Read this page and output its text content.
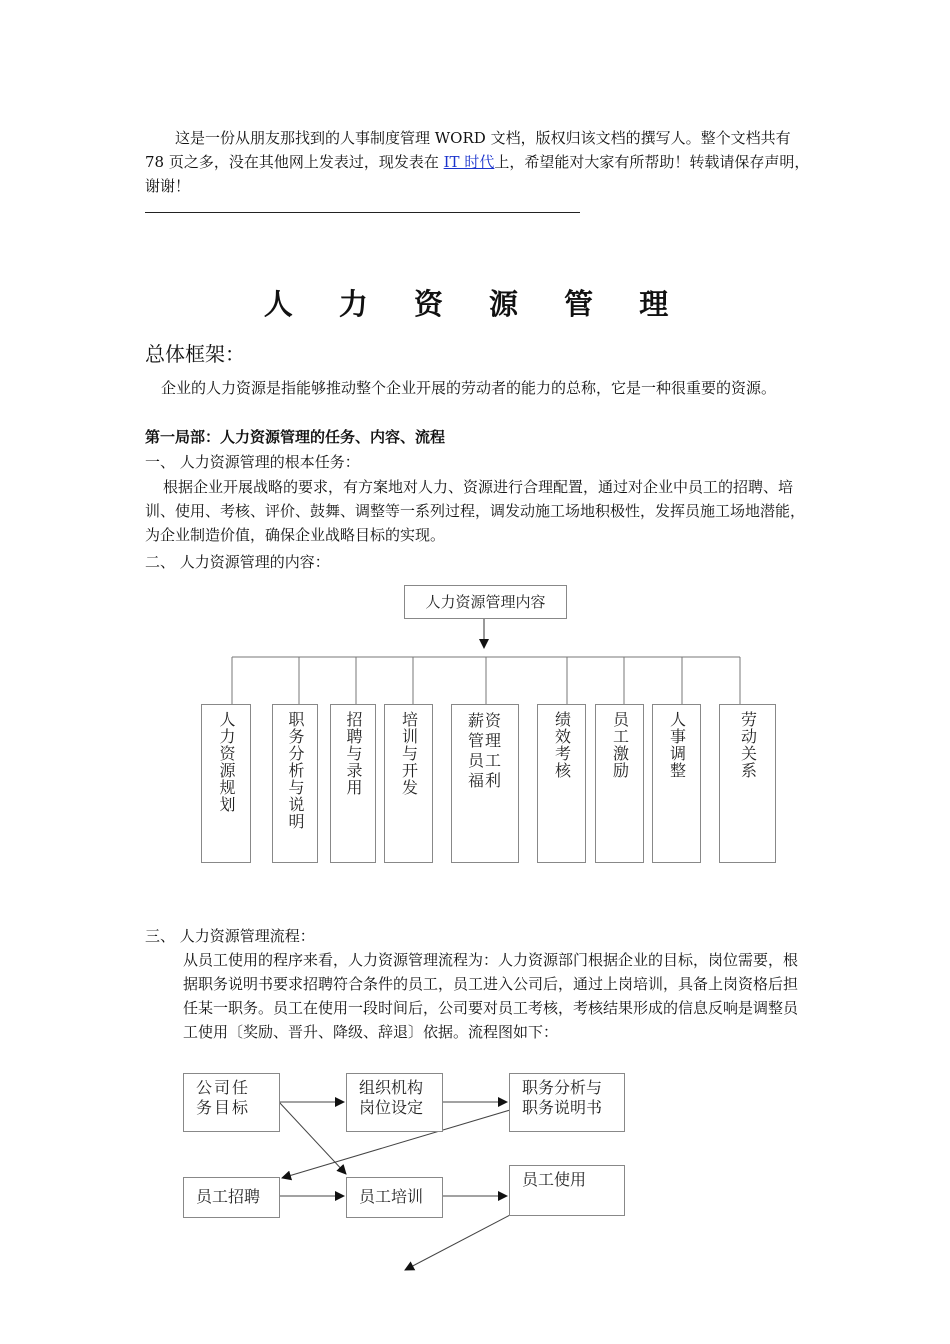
这是一份从朋友那找到的人事制度管理 WORD 文档，版权归该文档的撰写人。整个文档共有 78 页之多，没在其他网上发表过，现发表在 IT 时代上，希望能对大家有所帮助！转载请保存声明，谢谢！
人 力 资 源 管 理
总体框架：
企业的人力资源是指能够推动整个企业开展的劳动者的能力的总称，它是一种很重要的资源。
第一局部：人力资源管理的任务、内容、流程
一、 人力资源管理的根本任务：
根据企业开展战略的要求，有方案地对人力、资源进行合理配置，通过对企业中员工的招聘、培训、使用、考核、评价、鼓舞、调整等一系列过程，调发动施工场地积极性，发挥员施工场地潜能，为企业制造价值，确保企业战略目标的实现。
二、 人力资源管理的内容：
人力资源管理内容
人力资源规划	职务分析与说明 招聘与录用 培训与开发	薪资管理员工福利
绩效考核 员工激励 人事调整	劳动关系
三、 人力资源管理流程：
从员工使用的程序来看，人力资源管理流程为：人力资源部门根据企业的目标，岗位需要，根据职务说明书要求招聘符合条件的员工，员工进入公司后，通过上岗培训，具备上岗资格后担任某一职务。员工在使用一段时间后，公司要对员工考核，考核结果形成的信息反响是调整员工使用〔奖励、晋升、降级、辞退〕依据。流程图如下：
公司任务目标
组织机构岗位设定
职务分析与职务说明书
员工招聘	员工培训
员工使用
